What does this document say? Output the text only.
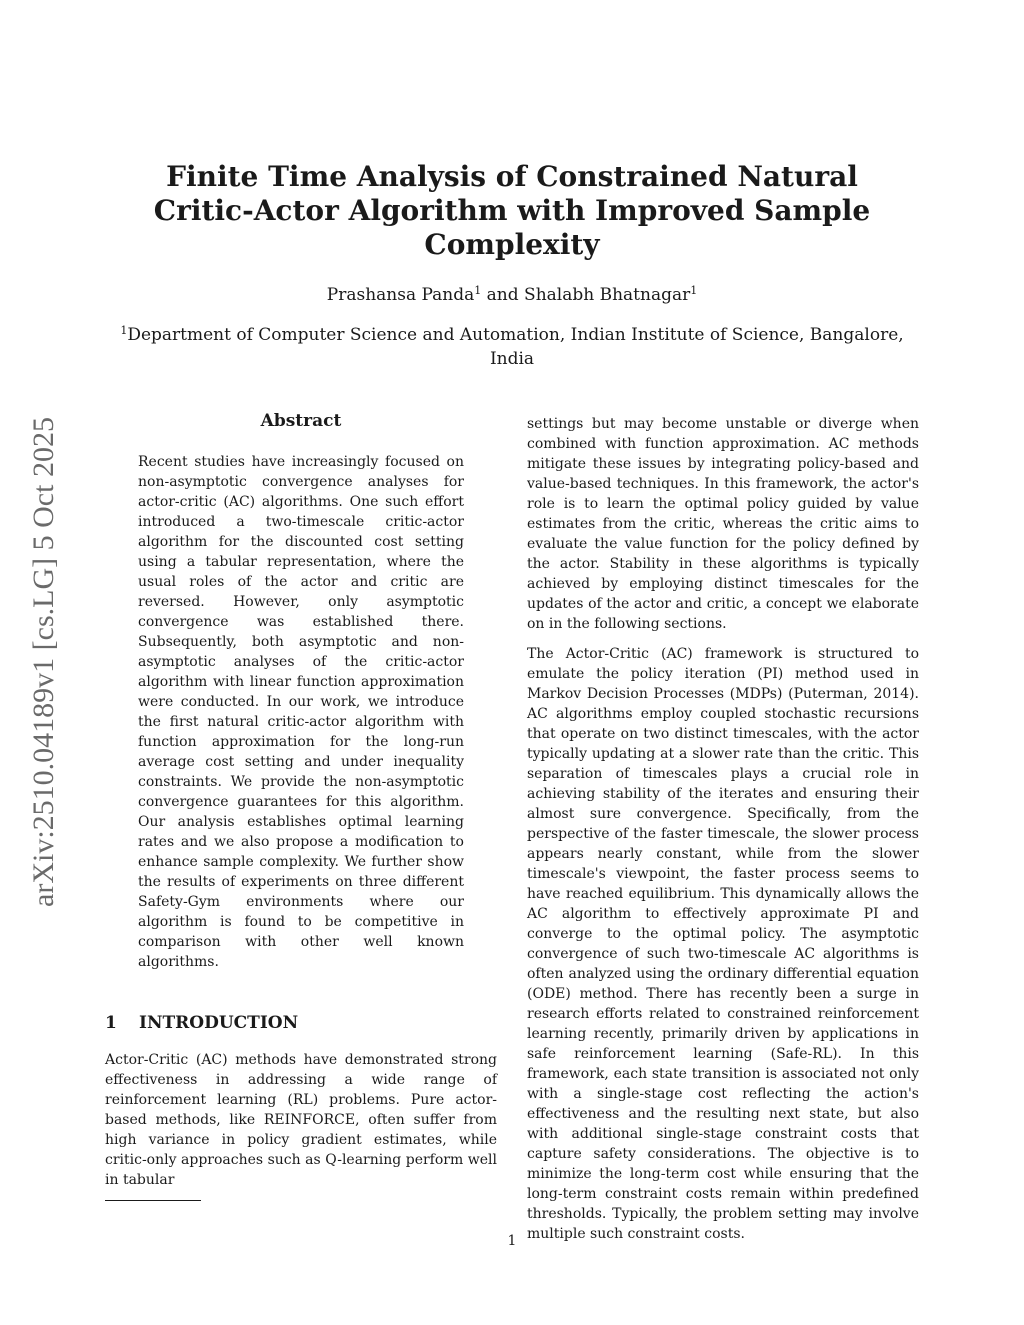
Finite Time Analysis of Constrained Natural Critic-Actor Algorithm with Improved Sample Complexity
Prashansa Panda$^1$ and Shalabh Bhatnagar$^1$
$^1$Department of Computer Science and Automation, Indian Institute of Science, Bangalore, India
arXiv:2510.04189v1 [cs.LG] 5 Oct 2025	Abstract

Recent studies have increasingly focused on non-asymptotic convergence analyses for actor-critic (AC) algorithms. One such effort introduced a two-timescale critic-actor algorithm for the discounted cost setting using a tabular representation, where the usual roles of the actor and critic are reversed. However, only asymptotic convergence was established there. Subsequently, both asymptotic and non-asymptotic analyses of the critic-actor algorithm with linear function approximation were conducted. In our work, we introduce the first natural critic-actor algorithm with function approximation for the long-run average cost setting and under inequality constraints. We provide the non-asymptotic convergence guarantees for this algorithm. Our analysis establishes optimal learning rates and we also propose a modification to enhance sample complexity. We further show the results of experiments on three different Safety-Gym environments where our algorithm is found to be competitive in comparison with other well known algorithms.

1 INTRODUCTION

Actor-Critic (AC) methods have demonstrated strong effectiveness in addressing a wide range of reinforcement learning (RL) problems. Pure actor-based methods, like REINFORCE, often suffer from high variance in policy gradient estimates, while critic-only approaches such as Q-learning perform well in tabular

settings but may become unstable or diverge when combined with function approximation. AC methods mitigate these issues by integrating policy-based and value-based techniques. In this framework, the actor's role is to learn the optimal policy guided by value estimates from the critic, whereas the critic aims to evaluate the value function for the policy defined by the actor. Stability in these algorithms is typically achieved by employing distinct timescales for the updates of the actor and critic, a concept we elaborate on in the following sections.

The Actor-Critic (AC) framework is structured to emulate the policy iteration (PI) method used in Markov Decision Processes (MDPs) (Puterman, 2014). AC algorithms employ coupled stochastic recursions that operate on two distinct timescales, with the actor typically updating at a slower rate than the critic. This separation of timescales plays a crucial role in achieving stability of the iterates and ensuring their almost sure convergence. Specifically, from the perspective of the faster timescale, the slower process appears nearly constant, while from the slower timescale's viewpoint, the faster process seems to have reached equilibrium. This dynamically allows the AC algorithm to effectively approximate PI and converge to the optimal policy. The asymptotic convergence of such two-timescale AC algorithms is often analyzed using the ordinary differential equation (ODE) method. There has recently been a surge in research efforts related to constrained reinforcement learning recently, primarily driven by applications in safe reinforcement learning (Safe-RL). In this framework, each state transition is associated not only with a single-stage cost reflecting the action's effectiveness and the resulting next state, but also with additional single-stage constraint costs that capture safety considerations. The objective is to minimize the long-term cost while ensuring that the long-term constraint costs remain within predefined thresholds. Typically, the problem setting may involve multiple such constraint costs.

1
